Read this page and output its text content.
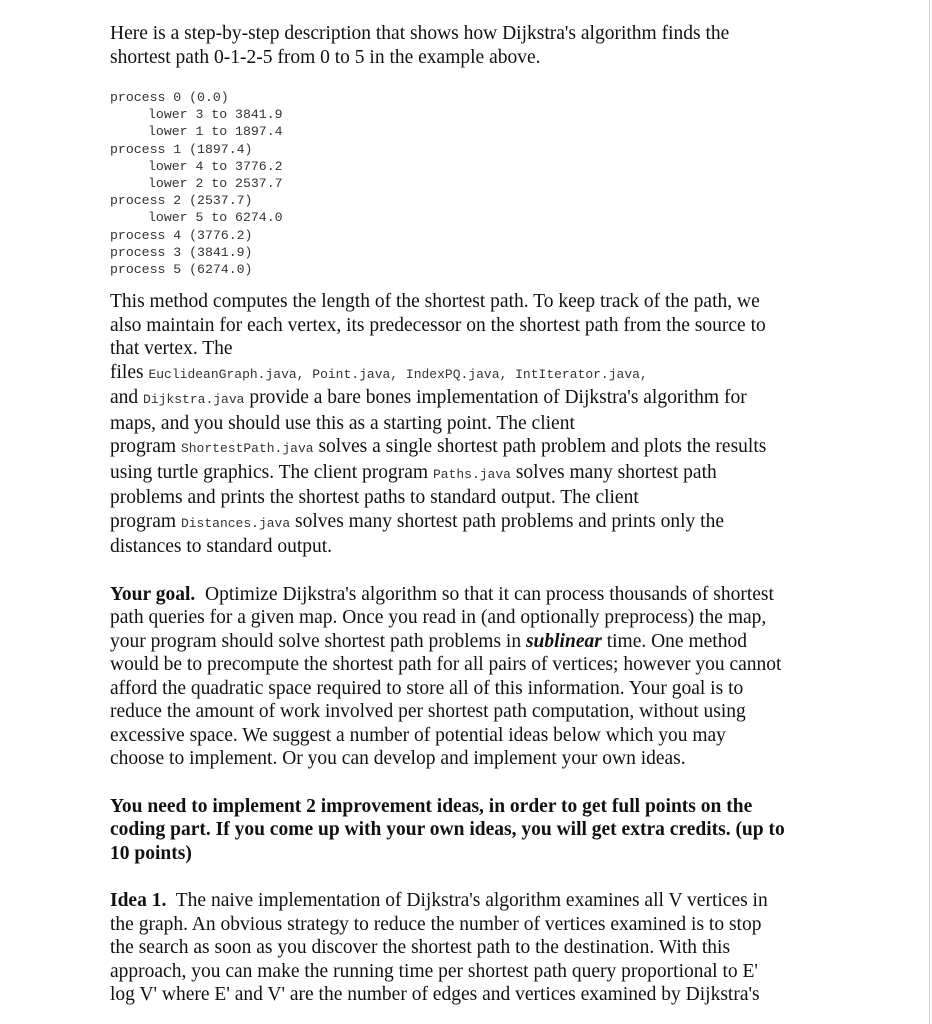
Here is a step-by-step description that shows how Dijkstra's algorithm finds the

shortest path 0-1-2-5 from 0 to 5 in the example above.

process 0 (0.0)
lower 3 to 3841.9
lower 1 to 1897.4
process 1 (1897.4)
lower 4 to 3776.2
lower 2 to 2537.7
process 2 (2537.7)
lower 5 to 6274.0
process 4 (3776.2)
process 3 (3841.9)
process 5 (6274.0)

This method computes the length of the shortest path. To keep track of the path, we

also maintain for each vertex, its predecessor on the shortest path from the source to

that vertex. The

files EuclideanGraph.java, Point.java, IndexPQ.java, IntIterator.java,

and Dijkstra.java provide a bare bones implementation of Dijkstra's algorithm for

maps, and you should use this as a starting point. The client

program ShortestPath.java solves a single shortest path problem and plots the results

using turtle graphics. The client program Paths.java solves many shortest path

problems and prints the shortest paths to standard output. The client

program Distances.java solves many shortest path problems and prints only the

distances to standard output.

Your goal. Optimize Dijkstra's algorithm so that it can process thousands of shortest

path queries for a given map. Once you read in (and optionally preprocess) the map,

your program should solve shortest path problems in sublinear time. One method

would be to precompute the shortest path for all pairs of vertices; however you cannot

afford the quadratic space required to store all of this information. Your goal is to

reduce the amount of work involved per shortest path computation, without using

excessive space. We suggest a number of potential ideas below which you may

choose to implement. Or you can develop and implement your own ideas.

You need to implement 2 improvement ideas, in order to get full points on the

coding part. If you come up with your own ideas, you will get extra credits. (up to

10 points)

Idea 1. The naive implementation of Dijkstra's algorithm examines all V vertices in

the graph. An obvious strategy to reduce the number of vertices examined is to stop

the search as soon as you discover the shortest path to the destination. With this

approach, you can make the running time per shortest path query proportional to E'

log V' where E' and V' are the number of edges and vertices examined by Dijkstra's
